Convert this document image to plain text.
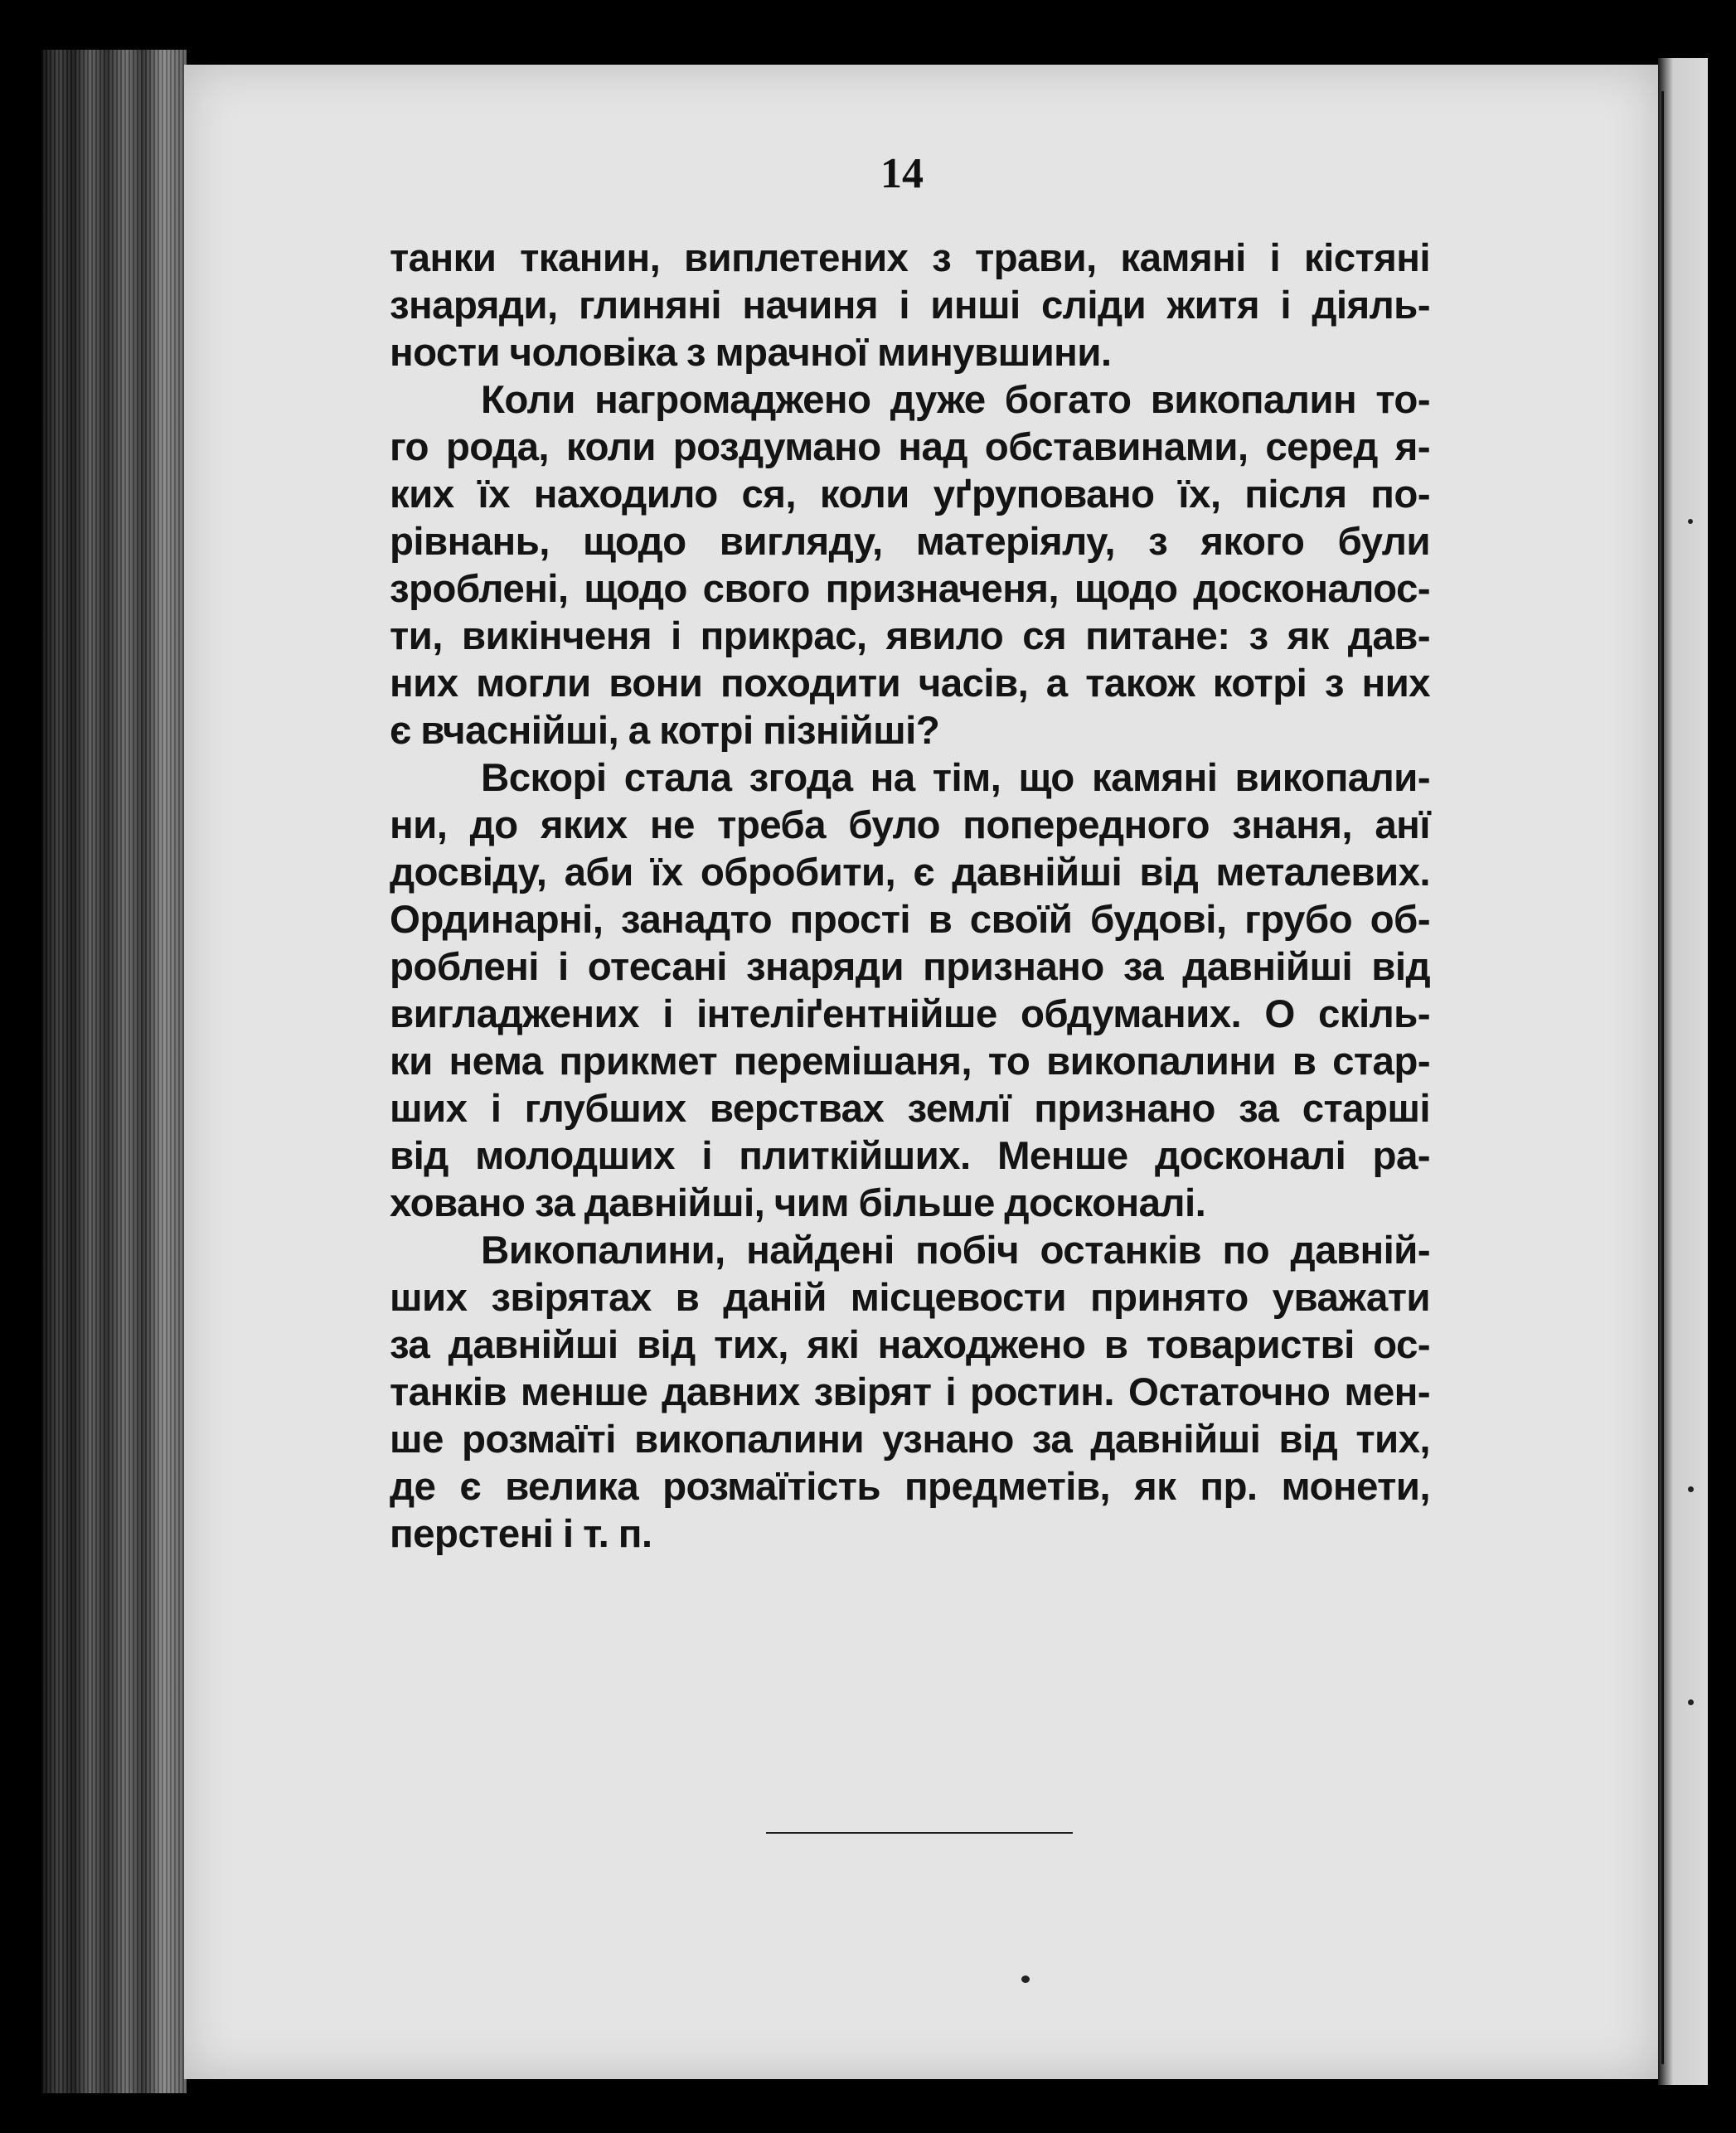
14

танки тканин, виплетених з трави, камяні і кістяні
знаряди, глиняні начиня і инші сліди житя і діяль-
ности чоловіка з мрачної минувшини.

Коли нагромаджено дуже богато викопалин то-
го рода, коли роздумано над обставинами, серед я-
ких їх находило ся, коли уґруповано їх, після по-
рівнань, щодо вигляду, матеріялу, з якого були
зроблені, щодо свого призначеня, щодо досконалос-
ти, викінченя і прикрас, явило ся питане: з як дав-
них могли вони походити часів, а також котрі з них
є вчаснійші, а котрі пізнійші?

Вскорі стала згода на тім, що камяні викопали-
ни, до яких не треба було попередного знаня, анї
досвіду, аби їх обробити, є давнійші від металевих.
Ординарні, занадто прості в своїй будові, грубо об-
роблені і отесані знаряди признано за давнійші від
вигладжених і інтеліґентнійше обдуманих. О скіль-
ки нема прикмет перемішаня, то викопалини в стар-
ших і глубших верствах землї признано за старші
від молодших і плиткійших. Менше досконалі ра-
ховано за давнійші, чим більше досконалі.

Викопалини, найдені побіч останків по давній-
ших звірятах в даній місцевости принято уважати
за давнійші від тих, які находжено в товаристві ос-
танків менше давних звірят і ростин. Остаточно мен-
ше розмаїті викопалини узнано за давнійші від тих,
де є велика розмаїтість предметів, як пр. монети,
перстені і т. п.
